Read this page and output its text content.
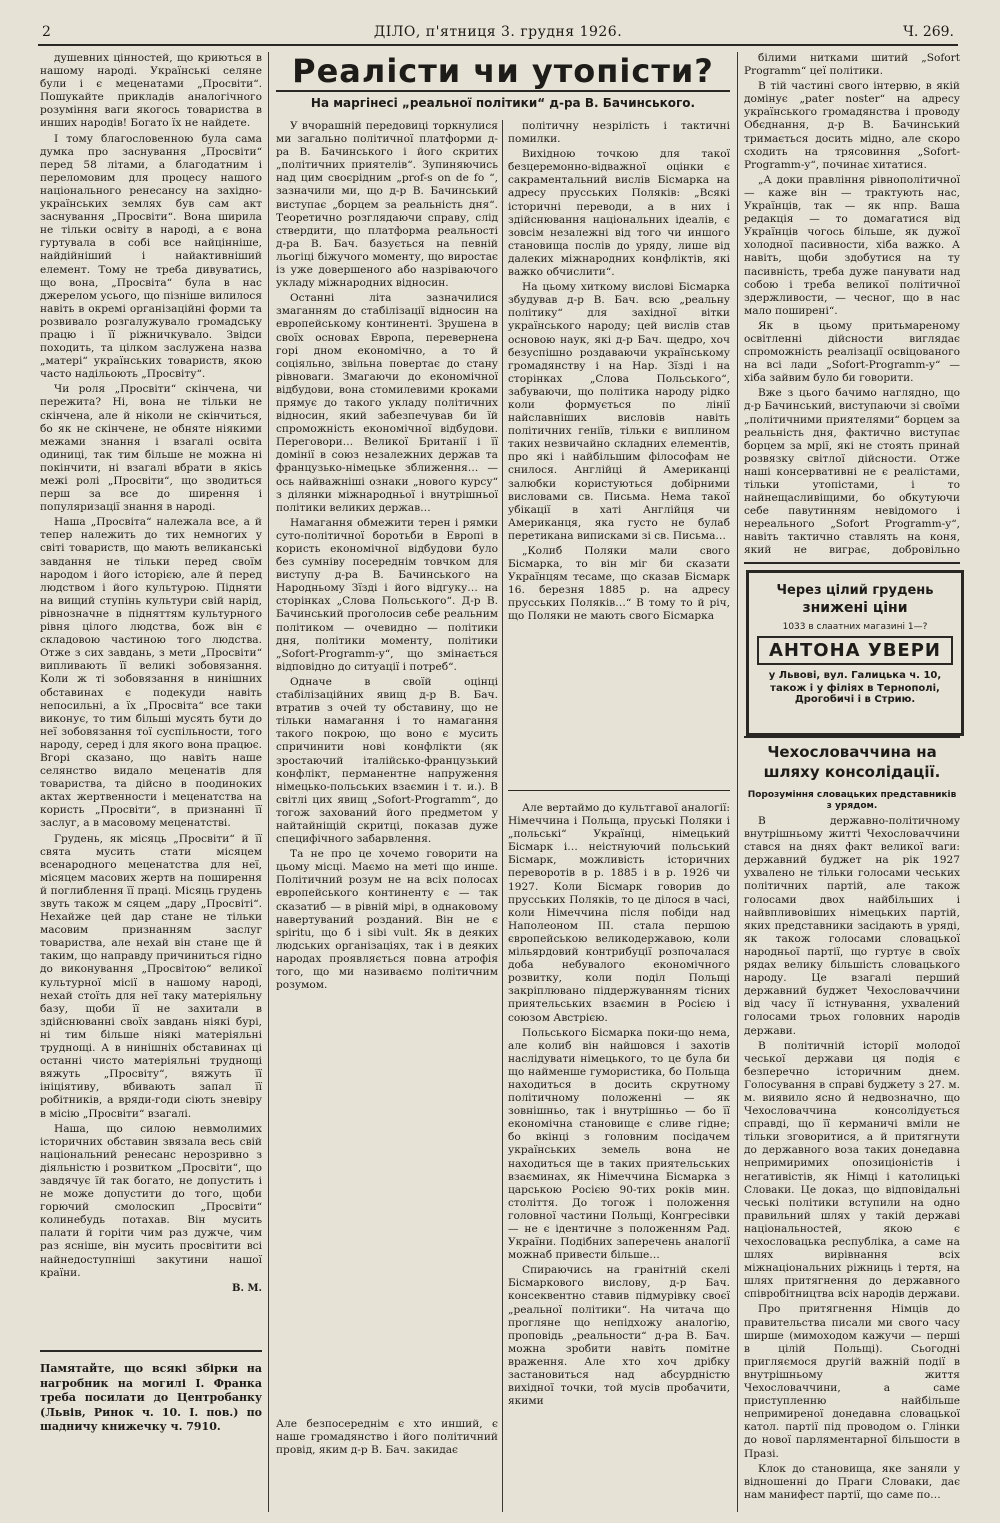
2	ДІЛО, п'ятниця 3. грудня 1926.	Ч. 269.

душевних цінностей, що криються в нашому народі. Українські селяне були і є меценатами „Просвіти“. Пошукайте прикладів аналогічного розуміння ваги якогось товариства в инших народів! Богато їх не найдете.

І тому благословенною була сама думка про заснування „Просвіти“ перед 58 літами, а благодатним і переломовим для процесу нашого національного ренесансу на західно-українських землях був сам акт заснування „Просвіти“. Вона ширила не тільки освіту в народі, а є вона гуртувала в собі все найцінніше, найдійніший і найактивніший елемент. Тому не треба дивуватись, що вона, „Просвіта“ була в нас джерелом усього, що пізніше вилилося навіть в окремі організаційні форми та розвивало розгалужувало громадську працю і її ріжничкувало. Звідси походить, та цілком заслужена назва „матері“ українських товариств, якою часто надільоють „Просвіту“.

Чи роля „Просвіти“ скінчена, чи пережита? Ні, вона не тільки не скінчена, але й ніколи не скінчиться, бо як не скінчене, не обняте ніякими межами знання і взагалі освіта одиниці, так тим більше не можна ні покінчити, ні взагалі вбрати в якісь межі ролі „Просвіти“, що зводиться перш за все до ширення і популяризації знання в народі.

Наша „Просвіта“ належала все, а й тепер належить до тих немногих у світі товариств, що мають великанські завдання не тільки перед своїм народом і його історією, але й перед людством і його культурою. Підняти на вищий ступінь культури свій нарід, рівнозначне в підняттям культурного рівня цілого людства, бож він є складовою частиною того людства. Отже з сих завдань, з мети „Просвіти“ випливають її великі зобовязання. Коли ж ті зобовязання в нинішних обставинах є подекуди навіть непосильні, а їх „Просвіта“ все таки виконує, то тим більші мусять бути до неї зобовязання тої суспільности, того народу, серед і для якого вона працює. Вгорі сказано, що навіть наше селянство видало меценатів для товариства, та дійсно в поодиноких актах жертвенности і меценатства на користь „Просвіти“, в признанні її заслуг, а в масовому меценатстві.

Грудень, як місяць „Просвіти“ й її свята мусить стати місяцем всенародного меценатства для неї, місяцем масових жертв на поширення й поглиблення її праці. Місяць грудень звуть також м сяцем „дару „Просвіті“. Нехайже цей дар стане не тільки масовим признанням заслуг товариства, але нехай він стане ще й таким, що направду причиниться гідно до виконування „Просвітою“ великої культурної місії в нашому народі, нехай стоїть для неї таку матеріяльну базу, щоби її не захитали в здійснюванні своїх завдань ніякі бурі, ні тим більше ніякі матеріяльні труднощі. А в нинішніх обставинах ці останні чисто матеріяльні труднощі вяжуть „Просвіту“, вяжуть її ініціятиву, вбивають запал її робітників, а вряди-годи сіють зневіру в місію „Просвіти“ взагалі.

Наша, що силою невмолимих історичних обставин звязала весь свій національний ренесанс нерозривно з діяльністю і розвитком „Просвіти“, що завдячує їй так богато, не допустить і не може допустити до того, щоби горючий смолоскип „Просвіти“ колинебудь потахав. Він мусить палати й горіти чим раз дужче, чим раз ясніше, він мусить просвітити всі найнедоступніші закутини нашої країни.

В. М.
Памятайте, що всякі збірки на нагробник на могилі І. Франка треба посилати до Центробанку (Львів, Ринок ч. 10. І. пов.) по шадничу книжечку ч. 7910.
Реалісти чи утопісти?
На маргінесі „реальної політики“ д-ра В. Бачинського.

У вчорашній передовиці торкнулися ми загально політичної платформи д-ра В. Бачинського і його скритих „політичних приятелів“. Зупиняючись над цим своєрідним „prof-s on de fo “, зазначили ми, що д-р В. Бачинський виступає „борцем за реальність дня“. Теоретично розглядаючи справу, слід ствердити, що платформа реальності д-ра В. Бач. базується на певній льогіці біжучого моменту, що виростає із уже довершеного або назріваючого укладу міжнародних відносин.

Останні літа зазначилися змаганням до стабілізації відносин на европейському континенті. Зрушена в своїх основах Европа, перевернена горі дном економічно, а то й соціяльно, звільна повертає до стану рівноваги. Змагаючи до економічної відбудови, вона стомилевими кроками прямує до такого укладу політичних відносин, який забезпечував би їй спроможність економічної відбудови. Переговори… Великої Британії і її домінії в союз незалежних держав та французько-німецьке зближення… — ось найважніші ознаки „нового курсу“ з ділянки міжнародньої і внутрішньої політики великих держав…

Намагання обмежити терен і рямки суто-політичної боротьби в Европі в користь економічної відбудови було без сумніву посереднім товчком для виступу д-ра В. Бачинського на Народньому Зїзді і його відгуку… на сторінках „Слова Польського“. Д-р В. Бачинський проголосив себе реальним політиком — очевидно — політики дня, політики моменту, політики „Sofort-Programm-y“, що змінається відповідно до ситуації і потреб“.

Одначе в своїй оцінці стабілізаційних явищ д-р В. Бач. втратив з очей ту обставину, що не тільки намагання і то намагання такого покрою, що воно є мусить спричинити нові конфлікти (як зростаючий італійсько-французький конфлікт, перманентне напруження німецько-польських взаємин і т. и.). В світлі цих явищ „Sofort-Programm“, до тогож захований його предметом у найтайніщій скритці, показав дуже специфічного забарвлення.

Та не про це хочемо говорити на цьому місці. Маємо на меті що инше. Політичний розум не на всіх полосах европейського континенту є — так сказатиб — в рівній мірі, в однаковому навертуваний розданий. Він не є spiritu, що б і sibi vult. Як в деяких людських організаціях, так і в деяких народах проявляється повна атрофія того, що ми називаємо політичним розумом.

Але безпосереднім є хто инший, є наше громадянство і його політичний провід, яким д-р В. Бач. закидає

політичну незрілість і тактичні помилки.

Вихідною точкою для такої безцеремонно-відважної оцінки є сакраментальний вислів Бісмарка на адресу прусських Поляків: „Всякі історичні переводи, а в них і здійснювання національних ідеалів, є зовсім незалежні від того чи иншого становища послів до уряду, лише від далеких міжнародних конфліктів, які важко обчислити“.

На цьому хиткому вислові Бісмарка збудував д-р В. Бач. всю „реальну політику“ для західної вітки українського народу; цей вислів став основою наук, які д-р Бач. щедро, хоч безуспішно роздаваючи українському громадянству і на Нар. Зїзді і на сторінках „Слова Польського“, забуваючи, що політика народу рідко коли формується по лінії найславніших висловів навіть політичних геніїв, тільки є виплином таких незвичайно складних елементів, про які і найбільшим філософам не снилося. Англійці й Американці залюбки користуються добірними висловами св. Письма. Нема такої убікації в хаті Англійця чи Американця, яка густо не булаб перетикана виписками зі св. Письма…

„Колиб Поляки мали свого Бісмарка, то він міг би сказати Українцям тесаме, що сказав Бісмарк 16. березня 1885 р. на адресу прусських Поляків…“ В тому то й річ, що Поляки не мають свого Бісмарка

Але вертаймо до культгавої аналогії: Німеччина і Польща, пруські Поляки і „польські“ Українці, німецький Бісмарк і… неістнуючий польський Бісмарк, можливість історичних переворотів в р. 1885 і в р. 1926 чи 1927. Коли Бісмарк говорив до прусських Поляків, то це ділося в часі, коли Німеччина після побіди над Наполеоном III. стала першою європейською великодержавою, коли мільярдовий контрибуції розпочалася доба небувалого економічного розвитку, коли поділ Польщі закріплюванo піддержуванням тісних приятельських взаємин в Росією і союзом Австрією.

Польського Бісмарка поки-що нема, але колиб він найшовся і захотів наслідувати німецького, то це була би що найменше гумористика, бо Польща находиться в досить скрутному політичному положенні — як зовнішньо, так і внутрішньо — бо її економічна становище є сливе гідне; бо вкінці з головним посідачем українських земель вона не находиться ще в таких приятельських взаєминах, як Німеччина Бісмарка з царською Росією 90-тих років мин. століття. До тогож і положення головної частини Польщі, Конгресівки — не є ідентичне з положенням Рад. України. Подібних заперечень аналогії можнаб привести більше…

Спираючись на гранітній скелі Бісмаркового вислову, д-р Бач. консеквентно ставив підмурівку своєї „реальної політики“. На читача що прогляне що непідхожу аналогію, проповідь „реальности“ д-ра В. Бач. можна зробити навіть помітне враження. Але хто хоч дрібку застановиться над абсурдністю вихідної точки, той мусів пробачити, якими

білими нитками шитий „Sofort Programm“ цеї політики.

В тій частині свого інтервю, в якій домінує „pater noster“ на адресу українського громадянства і проводу Обєднання, д-р В. Бачинський тримається досить мідно, але скоро сходить на трясовиння „Sofort-Programm-y“, починає хитатися.

„А доки правління рівнополітичної — каже він — трактують нас, Українців, так — як нпр. Ваша редакція — то домагатися від Українців чогось більше, як дужої холодної пасивности, хіба важко. А навіть, щоби здобутися на ту пасивність, треба дуже панувати над собою і треба великої політичної здержливости, — чесног, що в нас мало поширені“.

Як в цьому притьмареному освітленні дійсности виглядає спроможність реалізації освіцованого на всі лади „Sofort-Programm-y“ — хіба зайвим було би говорити.

Вже з цього бачимо наглядно, що д-р Бачинський, виступаючи зі своїми „політичними приятелями“ борцем за реальність дня, фактично виступає борцем за мрії, які не стоять принай розвязку світлої дійсности. Отже наші консервативні не є реалістами, тільки утопістами, і то найнещасливіщими, бо обкутуючи себе павутинням невідомого і нереального „Sofort Programm-y“, навіть тактично ставлять на коня, який не виграє, добровільно

Через цілий грудень
знижені ціни
1033 в слаатних магазині 1—?
АНТОНА УВЕРИ
у Львові, вул. Галицька ч. 10,
також і у філіях в Тернополі, Дрогобичі і в Стрию.
Чехословаччина на шляху консолідації.
Порозуміння словацьких представників з урядом.

В державно-політичному внутрішньому житті Чехословаччини стався на днях факт великої ваги: державний буджет на рік 1927 ухвалено не тільки голосами чеських політичних партій, але також голосами двох найбільших і найвпливовіших німецьких партій, яких представники засідають в уряді, як також голосами словацької народньої партії, що гуртує в своїх рядах велику більшість словацького народу. Це взагалі перший державний буджет Чехословаччини від часу її істнування, ухвалений голосами трьох головних народів держави.

В політичній історії молодої чеської держави ця подія є безперечно історичним днем. Голосування в справі буджету з 27. м. м. виявило ясно й недвозначно, що Чехословаччина консолідується справді, що її керманичі вміли не тільки зговоритися, а й притягнути до державного воза таких донедавна непримиримих опозиціоністів і негативістів, як Німці і католицькі Словаки. Це доказ, що відповідальні чеські політики вступили на одно правильний шлях у такій державі національностей, якою є чехословацька республіка, а саме на шлях вирівнання всіх міжнаціональних ріжниць і тертя, на шлях притягнення до державного співробітництва всіх народів держави.

Про притягнення Німців до правительства писали ми свого часу ширше (мимоходом кажучи — перші в цілій Польщі). Сьогодні пригляємося другій важній події в внутрішньому життя Чехословаччини, а саме приступленню найбільше непримиреної донедавна словацької катол. партії під проводом о. Глінки до нової парляментарної більшости в Празі.

Клок до становища, яке заняли у відношенні до Праги Словаки, дає нам манифест партії, що саме по…
